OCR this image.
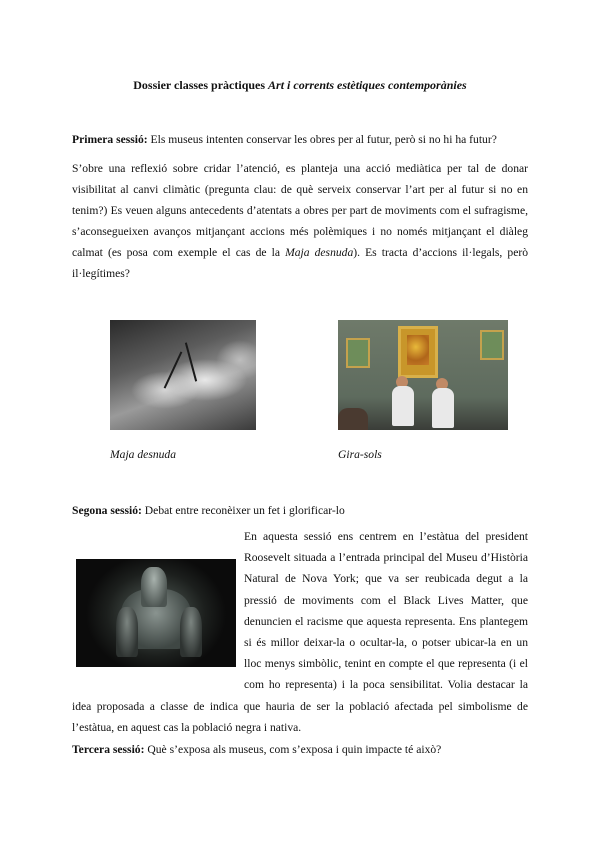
Dossier classes pràctiques Art i corrents estètiques contemporànies
Primera sessió: Els museus intenten conservar les obres per al futur, però si no hi ha futur?
S’obre una reflexió sobre cridar l’atenció, es planteja una acció mediàtica per tal de donar visibilitat al canvi climàtic (pregunta clau: de què serveix conservar l’art per al futur si no en tenim?) Es veuen alguns antecedents d’atentats a obres per part de moviments com el sufragisme, s’aconsegueixen avanços mitjançant accions més polèmiques i no només mitjançant el diàleg calmat (es posa com exemple el cas de la Maja desnuda). Es tracta d’accions il·legals, però il·legítimes?
Maja desnuda	Gira-sols
Segona sessió: Debat entre reconèixer un fet i glorificar-lo
En aquesta sessió ens centrem en l’estàtua del president Roosevelt situada a l’entrada principal del Museu d’Història Natural de Nova York; que va ser reubicada degut a la pressió de moviments com el Black Lives Matter, que denuncien el racisme que aquesta representa. Ens plantegem si és millor deixar-la o ocultar-la, o potser ubicar-la en un lloc menys simbòlic, tenint en compte el que representa (i el com ho representa) i la poca sensibilitat. Volia destacar la idea proposada a classe de indica que hauria de ser la població afectada pel simbolisme de l’estàtua, en aquest cas la població negra i nativa.
Tercera sessió: Què s’exposa als museus, com s’exposa i quin impacte té això?
